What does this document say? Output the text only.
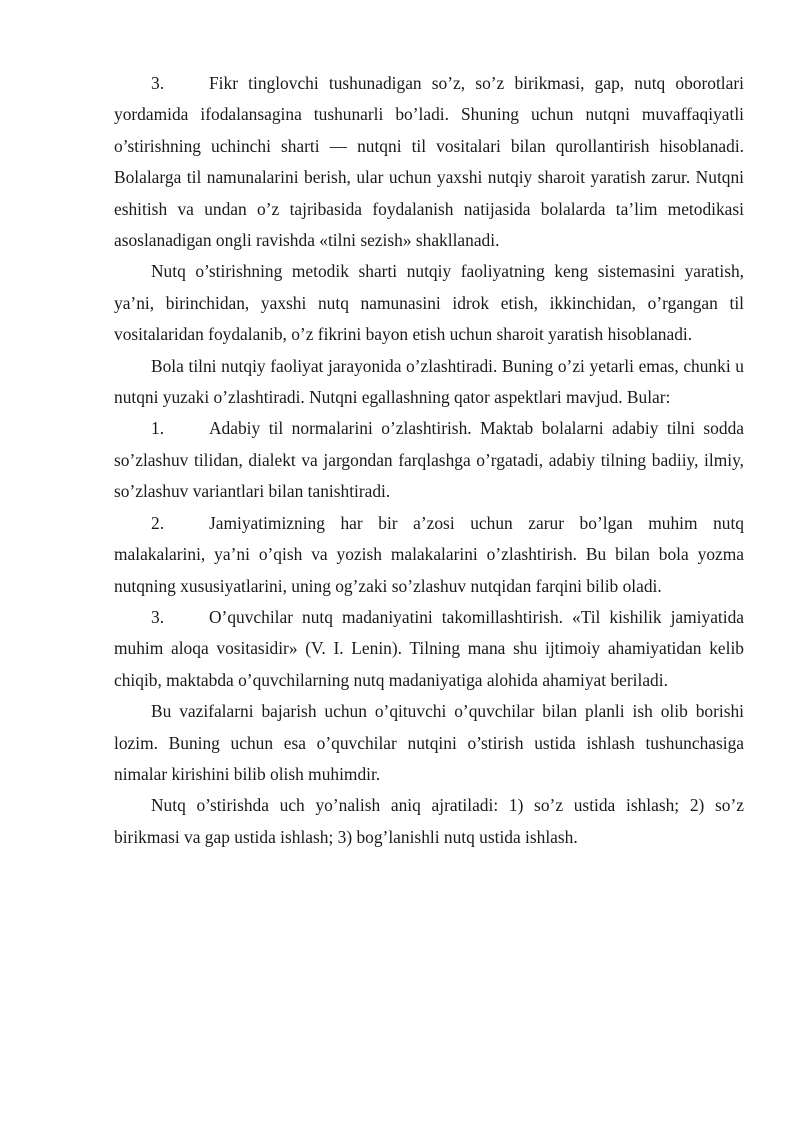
3.	Fikr tinglovchi tushunadigan so’z, so’z birikmasi, gap, nutq oborotlari yordamida ifodalansagina tushunarli bo’ladi. Shuning uchun nutqni muvaffaqiyatli o’stirishning uchinchi sharti — nutqni til vositalari bilan qurollantirish hisoblanadi. Bolalarga til namunalarini berish, ular uchun yaxshi nutqiy sharoit yaratish zarur. Nutqni eshitish va undan o’z tajribasida foydalanish natijasida bolalarda ta’lim metodikasi asoslanadigan ongli ravishda «tilni sezish» shakllanadi.

Nutq o’stirishning metodik sharti nutqiy faoliyatning keng sistemasini yaratish, ya’ni, birinchidan, yaxshi nutq namunasini idrok etish, ikkinchidan, o’rgangan til vositalaridan foydalanib, o’z fikrini bayon etish uchun sharoit yaratish hisoblanadi.

Bola tilni nutqiy faoliyat jarayonida o’zlashtiradi. Buning o’zi yetarli emas, chunki u nutqni yuzaki o’zlashtiradi. Nutqni egallashning qator aspektlari mavjud. Bular:

1.	Adabiy til normalarini o’zlashtirish. Maktab bolalarni adabiy tilni sodda so’zlashuv tilidan, dialekt va jargondan farqlashga o’rgatadi, adabiy tilning badiiy, ilmiy, so’zlashuv variantlari bilan tanishtiradi.

2.	Jamiyatimizning har bir a’zosi uchun zarur bo’lgan muhim nutq malakalarini, ya’ni o’qish va yozish malakalarini o’zlashtirish. Bu bilan bola yozma nutqning xususiyatlarini, uning og’zaki so’zlashuv nutqidan farqini bilib oladi.

3.	O’quvchilar nutq madaniyatini takomillashtirish. «Til kishilik jamiyatida muhim aloqa vositasidir» (V. I. Lenin). Tilning mana shu ijtimoiy ahamiyatidan kelib chiqib, maktabda o’quvchilarning nutq madaniyatiga alohida ahamiyat beriladi.

Bu vazifalarni bajarish uchun o’qituvchi o’quvchilar bilan planli ish olib borishi lozim. Buning uchun esa o’quvchilar nutqini o’stirish ustida ishlash tushunchasiga nimalar kirishini bilib olish muhimdir.

Nutq o’stirishda uch yo’nalish aniq ajratiladi: 1) so’z ustida ishlash; 2) so’z birikmasi va gap ustida ishlash; 3) bog’lanishli nutq ustida ishlash.
